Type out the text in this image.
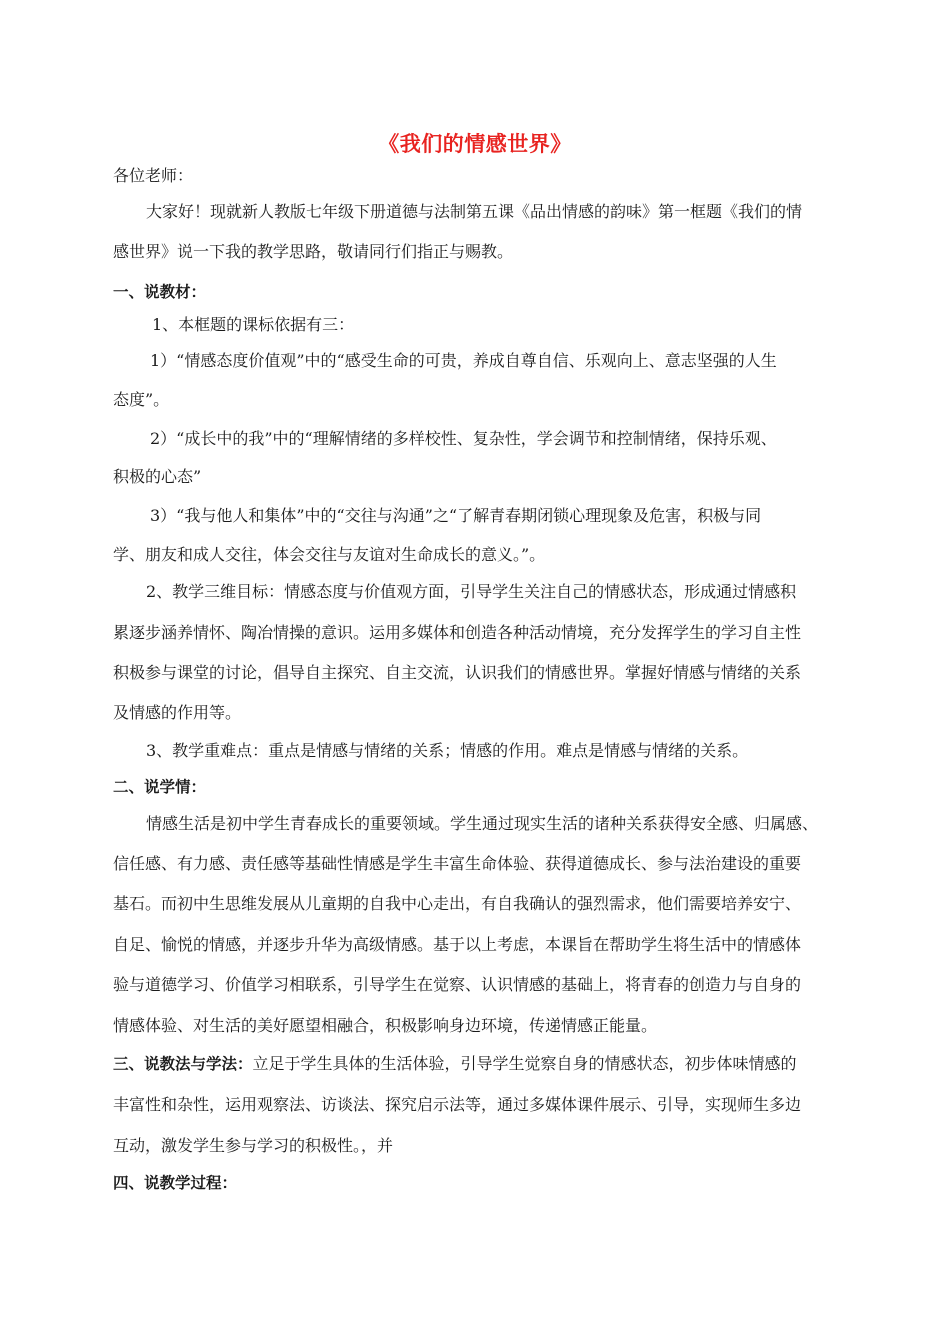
《我们的情感世界》
各位老师：
大家好！现就新人教版七年级下册道德与法制第五课《品出情感的韵味》第一框题《我们的情
感世界》说一下我的教学思路，敬请同行们指正与赐教。
一、说教材：
1、本框题的课标依据有三：
1）“情感态度价值观”中的“感受生命的可贵，养成自尊自信、乐观向上、意志坚强的人生
态度”。
2）“成长中的我”中的“理解情绪的多样校性、复杂性，学会调节和控制情绪，保持乐观、
积极的心态”
3）“我与他人和集体”中的“交往与沟通”之“了解青春期闭锁心理现象及危害，积极与同
学、朋友和成人交往，体会交往与友谊对生命成长的意义。”。
2、教学三维目标：情感态度与价值观方面，引导学生关注自己的情感状态，形成通过情感积
累逐步涵养情怀、陶冶情操的意识。运用多媒体和创造各种活动情境，充分发挥学生的学习自主性
积极参与课堂的讨论，倡导自主探究、自主交流，认识我们的情感世界。掌握好情感与情绪的关系
及情感的作用等。
3、教学重难点：重点是情感与情绪的关系；情感的作用。难点是情感与情绪的关系。
二、说学情：
情感生活是初中学生青春成长的重要领域。学生通过现实生活的诸种关系获得安全感、归属感、
信任感、有力感、责任感等基础性情感是学生丰富生命体验、获得道德成长、参与法治建设的重要
基石。而初中生思维发展从儿童期的自我中心走出，有自我确认的强烈需求，他们需要培养安宁、
自足、愉悦的情感，并逐步升华为高级情感。基于以上考虑，本课旨在帮助学生将生活中的情感体
验与道德学习、价值学习相联系，引导学生在觉察、认识情感的基础上，将青春的创造力与自身的
情感体验、对生活的美好愿望相融合，积极影响身边环境，传递情感正能量。
三、说教法与学法：立足于学生具体的生活体验，引导学生觉察自身的情感状态，初步体味情感的
丰富性和杂性，运用观察法、访谈法、探究启示法等，通过多媒体课件展示、引导，实现师生多边
互动，激发学生参与学习的积极性。，并
四、说教学过程：
